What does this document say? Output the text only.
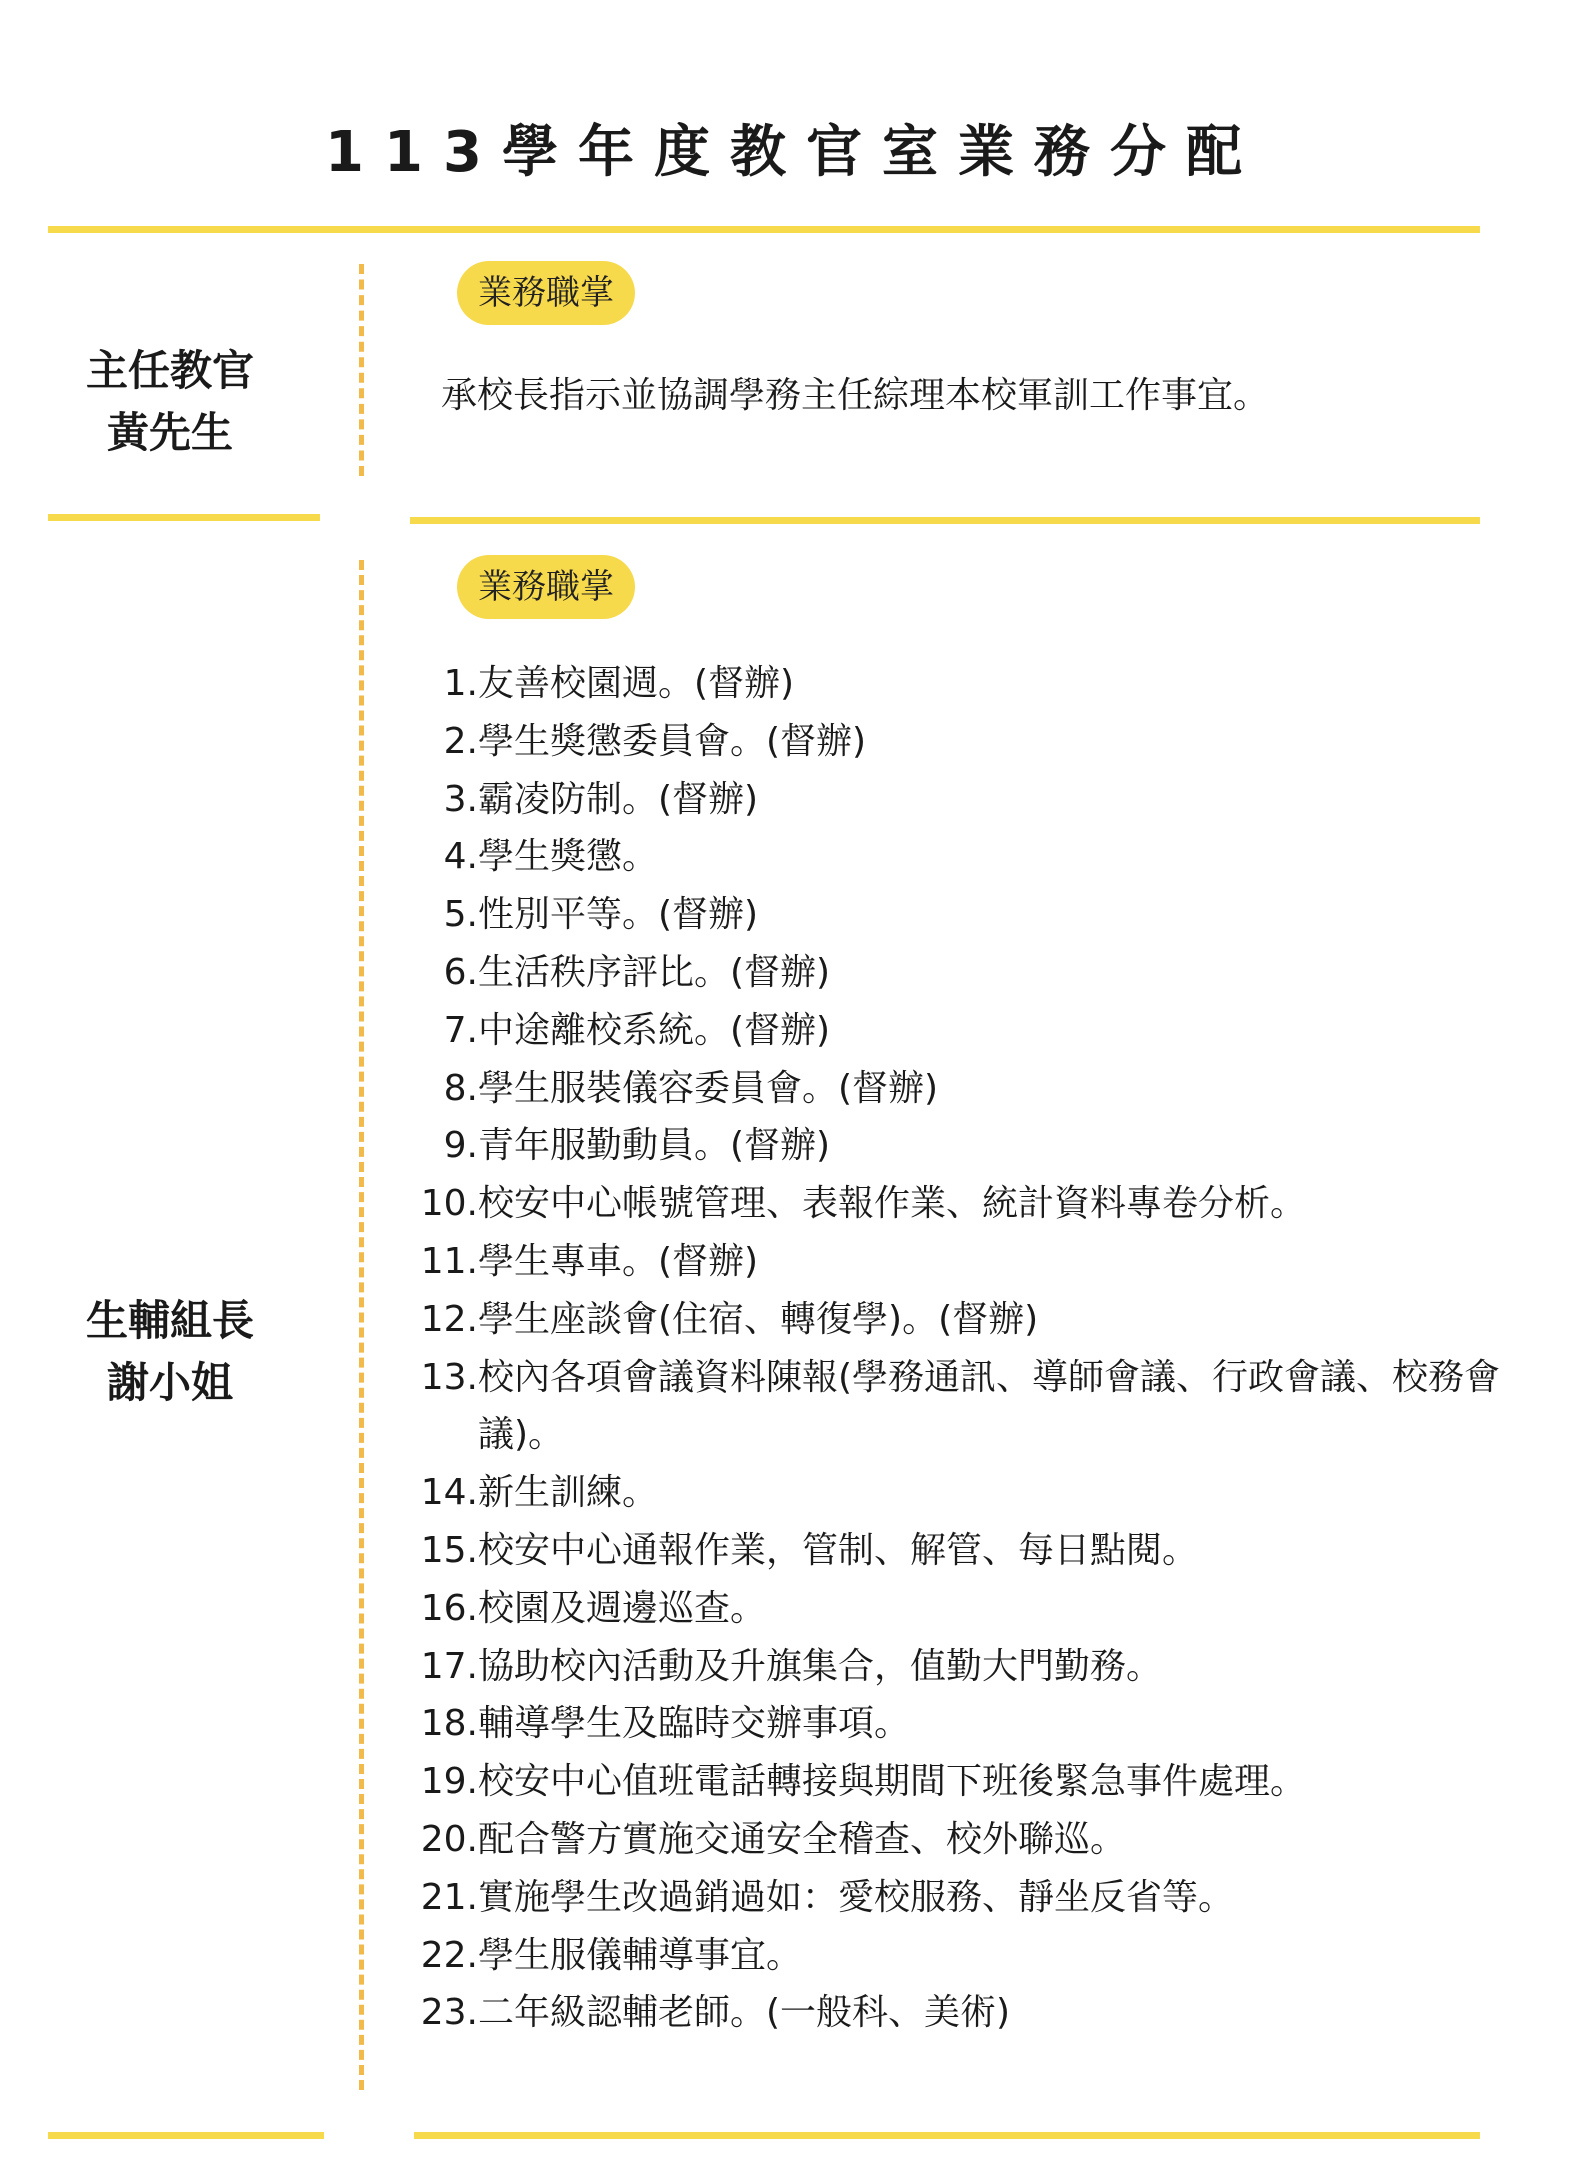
113學年度教官室業務分配
主任教官
黃先生
業務職掌
承校長指示並協調學務主任綜理本校軍訓工作事宜。
生輔組長
謝小姐
業務職掌
1. 友善校園週。(督辦)
2. 學生獎懲委員會。(督辦)
3. 霸凌防制。(督辦)
4. 學生獎懲。
5. 性別平等。(督辦)
6. 生活秩序評比。(督辦)
7. 中途離校系統。(督辦)
8. 學生服裝儀容委員會。(督辦)
9. 青年服勤動員。(督辦)
10. 校安中心帳號管理、表報作業、統計資料專卷分析。
11. 學生專車。(督辦)
12. 學生座談會(住宿、轉復學)。(督辦)
13. 校內各項會議資料陳報(學務通訊、導師會議、行政會議、校務會議)。
14. 新生訓練。
15. 校安中心通報作業，管制、解管、每日點閱。
16. 校園及週邊巡查。
17. 協助校內活動及升旗集合，值勤大門勤務。
18. 輔導學生及臨時交辦事項。
19. 校安中心值班電話轉接與期間下班後緊急事件處理。
20. 配合警方實施交通安全稽查、校外聯巡。
21. 實施學生改過銷過如：愛校服務、靜坐反省等。
22. 學生服儀輔導事宜。
23. 二年級認輔老師。(一般科、美術)
